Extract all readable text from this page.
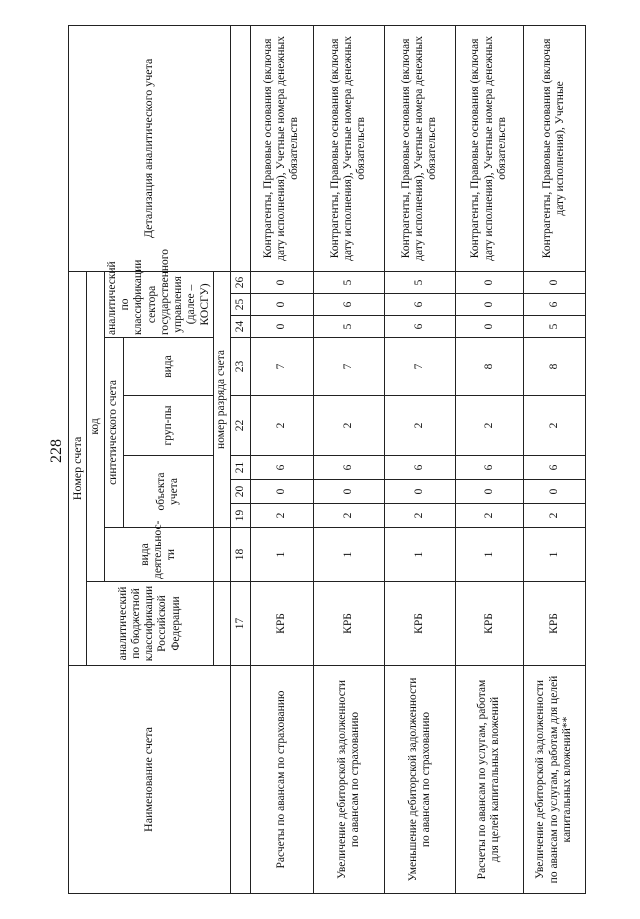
228
Наименование счета	Номер счета										Детализация аналитического учета
	аналитический по бюджетной классификации Российской Федерации	код									
		вида деятельнос-ти	синтетического счета					аналитический по классификации сектора государственного управления (далее – КОСГУ)			
			объекта учета			груп-пы	вида				
			номер разряда счета								
	17	18	19	20	21	22	23	24	25	26	
Расчеты по авансам по страхованию	КРБ	1	2	0	6	2	7	0	0	0	Контрагенты, Правовые основания (включая дату исполнения), Учетные номера денежных обязательств
Увеличение дебиторской задолженности по авансам по страхованию	КРБ	1	2	0	6	2	7	5	6	5	Контрагенты, Правовые основания (включая дату исполнения), Учетные номера денежных обязательств
Уменьшение дебиторской задолженности по авансам по страхованию	КРБ	1	2	0	6	2	7	6	6	5	Контрагенты, Правовые основания (включая дату исполнения), Учетные номера денежных обязательств
Расчеты по авансам по услугам, работам для целей капитальных вложений	КРБ	1	2	0	6	2	8	0	0	0	Контрагенты, Правовые основания (включая дату исполнения), Учетные номера денежных обязательств
Увеличение дебиторской задолженности по авансам по услугам, работам для целей капитальных вложений**	КРБ	1	2	0	6	2	8	5	6	0	Контрагенты, Правовые основания (включая дату исполнения), Учетные
